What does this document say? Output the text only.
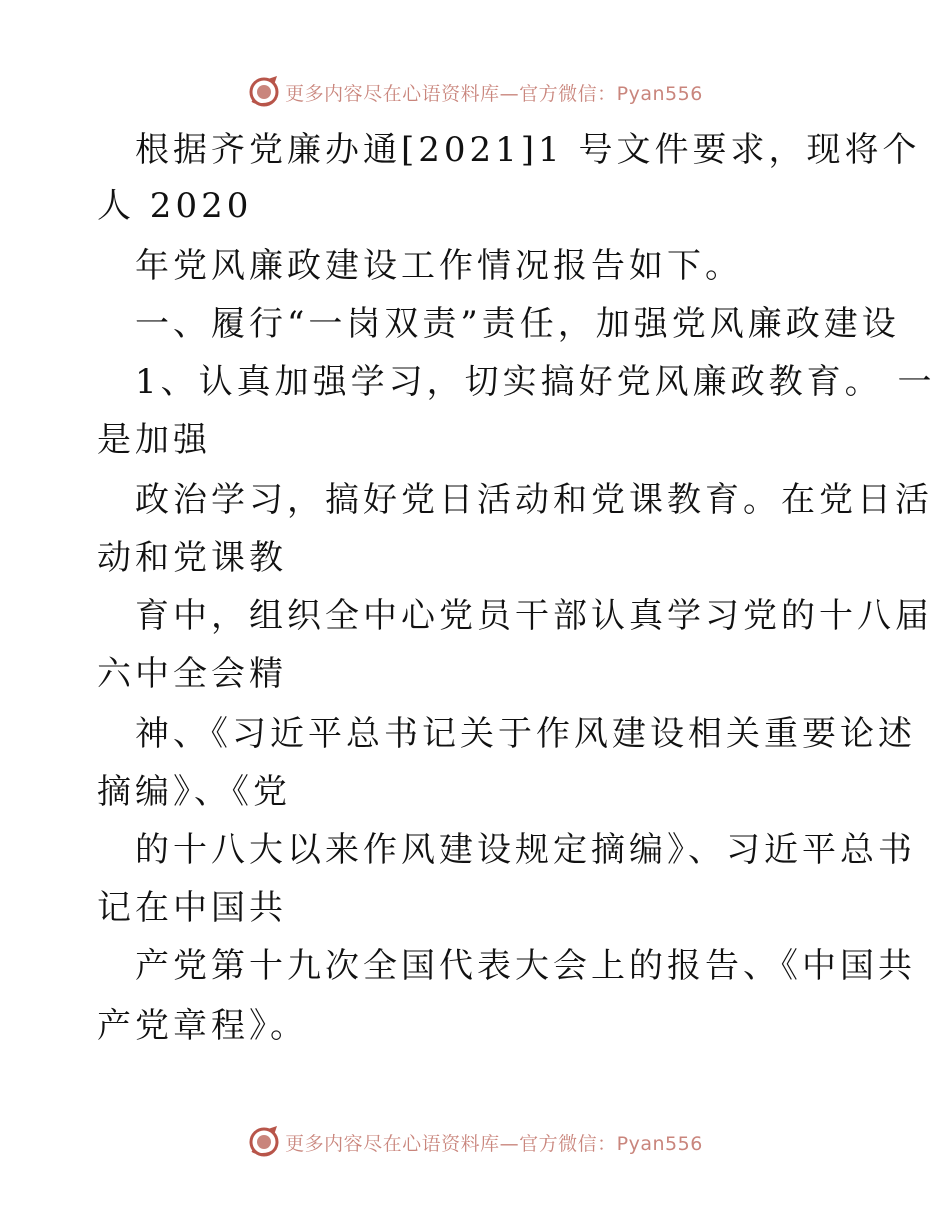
更多内容尽在心语资料库—官方微信：Pyan556
根据齐党廉办通[2021]1 号文件要求，现将个
人 2020
年党风廉政建设工作情况报告如下。
一、履行“一岗双责”责任，加强党风廉政建设
1、认真加强学习，切实搞好党风廉政教育。 一
是加强
政治学习，搞好党日活动和党课教育。在党日活
动和党课教
育中，组织全中心党员干部认真学习党的十八届
六中全会精
神、《习近平总书记关于作风建设相关重要论述
摘编》、《党
的十八大以来作风建设规定摘编》、习近平总书
记在中国共
产党第十九次全国代表大会上的报告、《中国共
产党章程》。
更多内容尽在心语资料库—官方微信：Pyan556
